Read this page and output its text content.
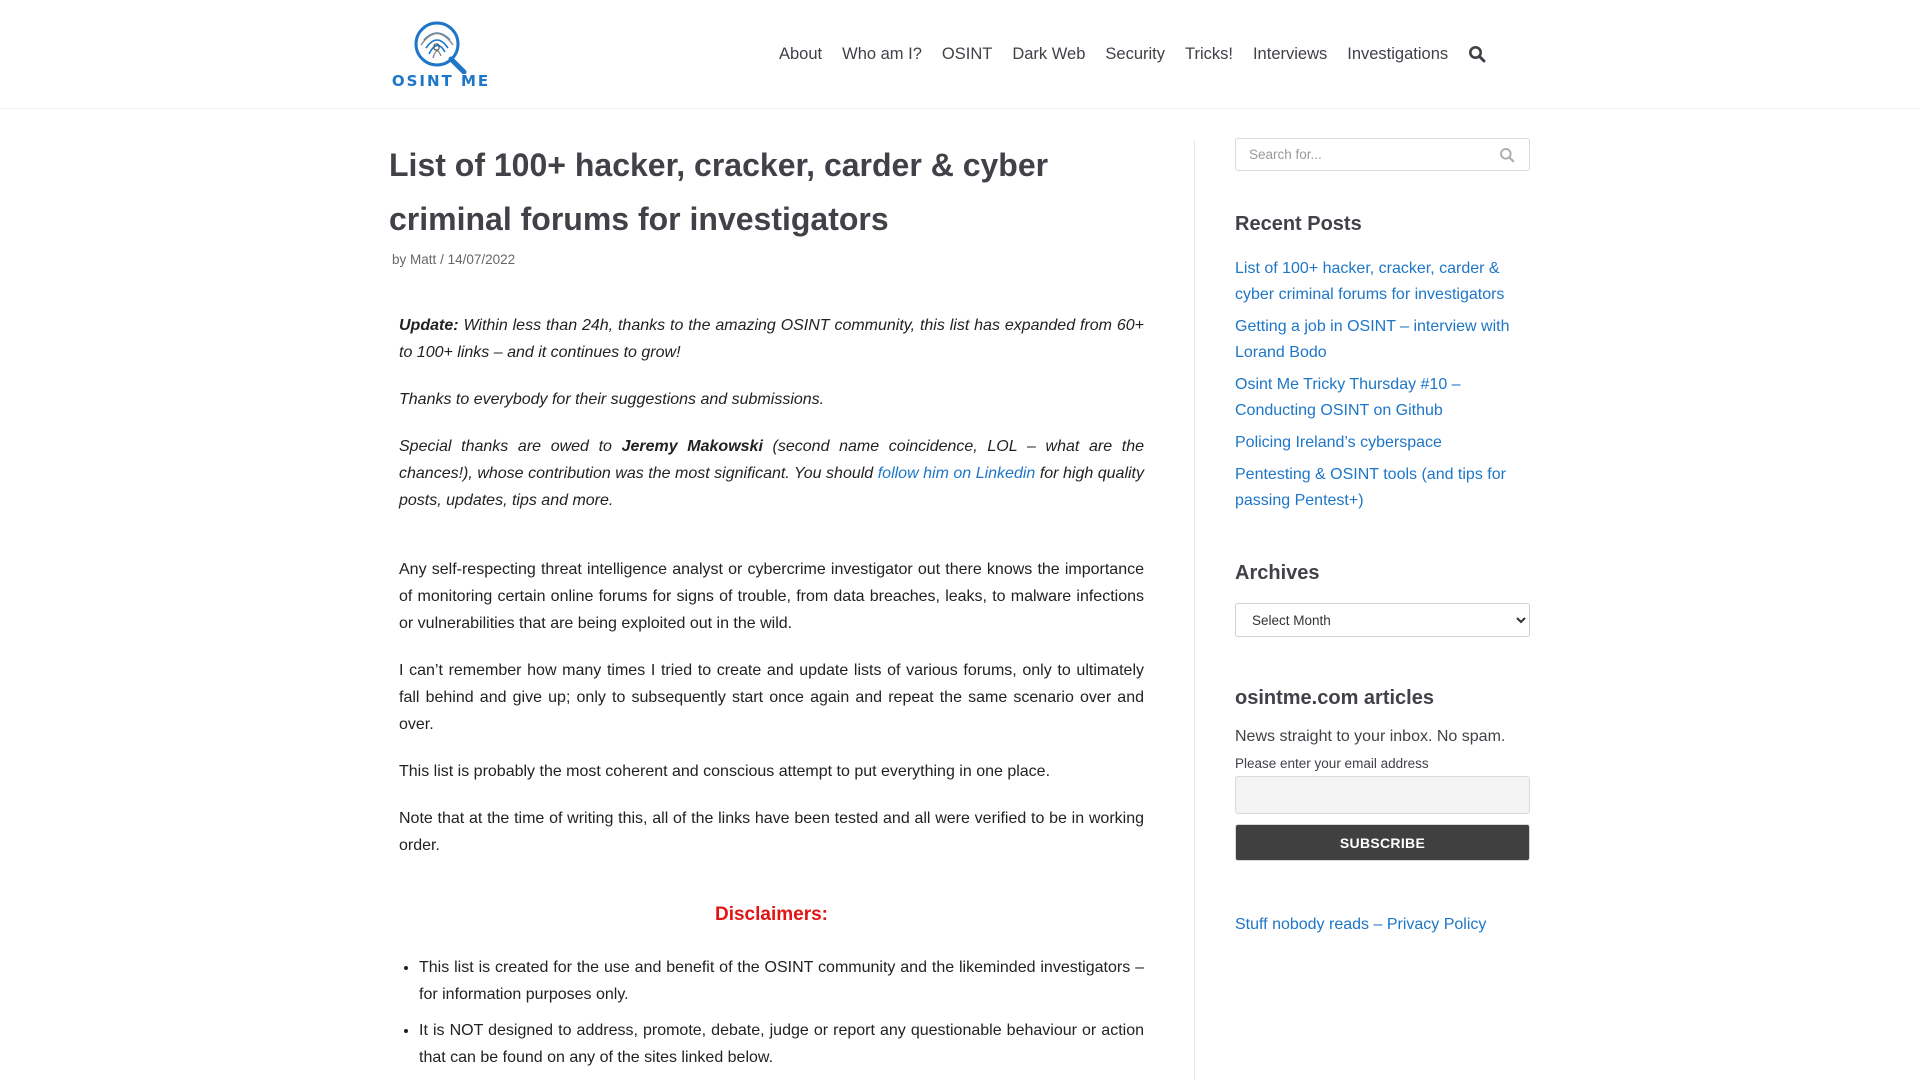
OSINT ME
About Who am I? OSINT Dark Web Security Tricks! Interviews Investigations
List of 100+ hacker, cracker, carder & cyber criminal forums for investigators
by Matt / 14/07/2022

Update: Within less than 24h, thanks to the amazing OSINT community, this list has expanded from 60+ to 100+ links – and it continues to grow!

Thanks to everybody for their suggestions and submissions.

Special thanks are owed to Jeremy Makowski (second name coincidence, LOL – what are the chances!), whose contribution was the most significant. You should follow him on Linkedin for high quality posts, updates, tips and more.

Any self-respecting threat intelligence analyst or cybercrime investigator out there knows the importance of monitoring certain online forums for signs of trouble, from data breaches, leaks, to malware infections or vulnerabilities that are being exploited out in the wild.

I can’t remember how many times I tried to create and update lists of various forums, only to ultimately fall behind and give up; only to subsequently start once again and repeat the same scenario over and over.

This list is probably the most coherent and conscious attempt to put everything in one place.

Note that at the time of writing this, all of the links have been tested and all were verified to be in working order.

Disclaimers:
• This list is created for the use and benefit of the OSINT community and the likeminded investigators – for information purposes only.
• It is NOT designed to address, promote, debate, judge or report any questionable behaviour or action that can be found on any of the sites linked below.
Search for...
Recent Posts
List of 100+ hacker, cracker, carder & cyber criminal forums for investigators
Getting a job in OSINT – interview with Lorand Bodo
Osint Me Tricky Thursday #10 – Conducting OSINT on Github
Policing Ireland’s cyberspace
Pentesting & OSINT tools (and tips for passing Pentest+)
Archives
Select Month
osintme.com articles
News straight to your inbox. No spam.
Please enter your email address
SUBSCRIBE
Stuff nobody reads – Privacy Policy
